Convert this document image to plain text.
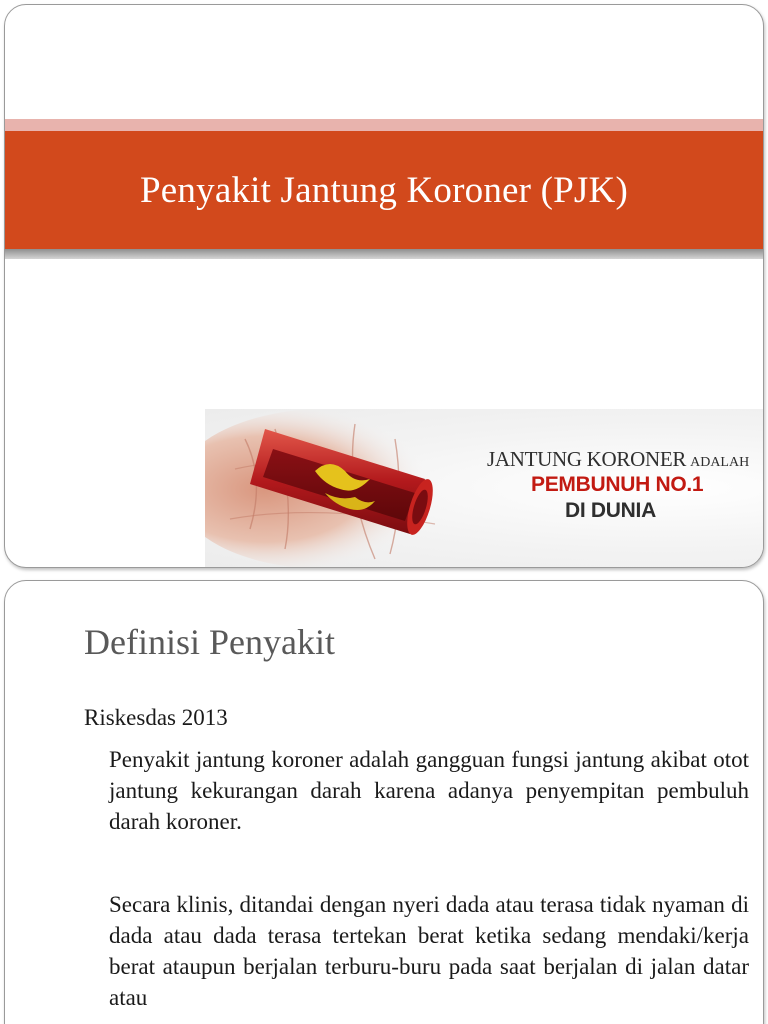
Penyakit Jantung Koroner (PJK)
JANTUNG KORONER ADALAH
PEMBUNUH NO.1
DI DUNIA
Definisi Penyakit
Riskesdas 2013
Penyakit jantung koroner adalah gangguan fungsi jantung akibat otot jantung kekurangan darah karena adanya penyempitan pembuluh darah koroner.
Secara klinis, ditandai dengan nyeri dada atau terasa tidak nyaman di dada atau dada terasa tertekan berat ketika sedang mendaki/kerja berat ataupun berjalan terburu-buru pada saat berjalan di jalan datar atau
